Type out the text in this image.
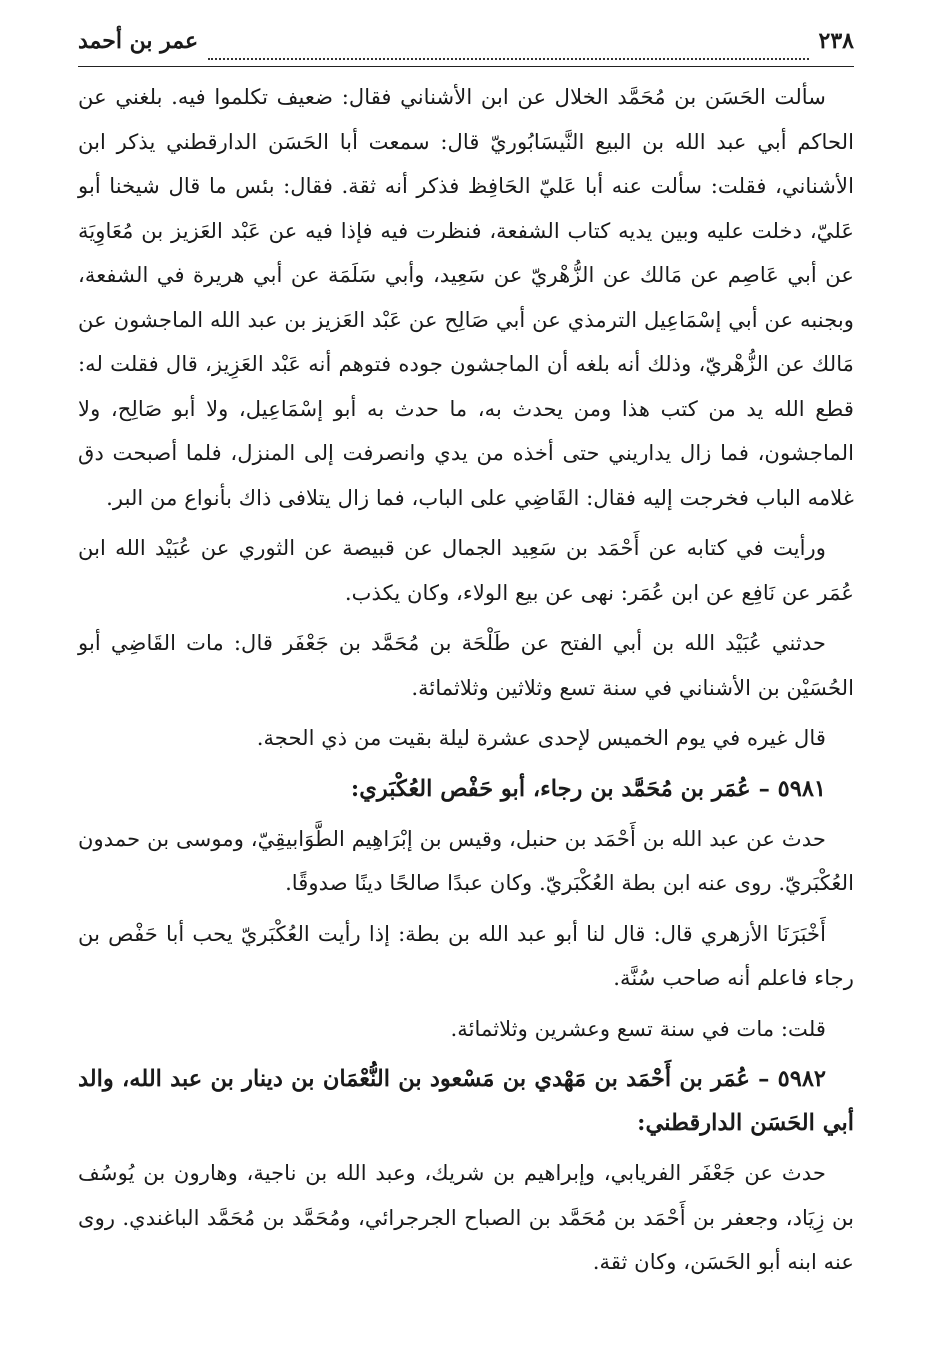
٢٣٨
عمر بن أحمد

سألت الحَسَن بن مُحَمَّد الخلال عن ابن الأشناني فقال: ضعيف تكلموا فيه. بلغني عن الحاكم أبي عبد الله بن البيع النَّيسَابُوريّ قال: سمعت أبا الحَسَن الدارقطني يذكر ابن الأشناني، فقلت: سألت عنه أبا عَليّ الحَافِظ فذكر أنه ثقة. فقال: بئس ما قال شيخنا أبو عَليّ، دخلت عليه وبين يديه كتاب الشفعة، فنظرت فيه فإذا فيه عن عَبْد العَزيز بن مُعَاوِيَة عن أبي عَاصِم عن مَالك عن الزُّهْريّ عن سَعِيد، وأبي سَلَمَة عن أبي هريرة في الشفعة، وبجنبه عن أبي إسْمَاعِيل الترمذي عن أبي صَالِح عن عَبْد العَزيز بن عبد الله الماجشون عن مَالك عن الزُّهْريّ، وذلك أنه بلغه أن الماجشون جوده فتوهم أنه عَبْد العَزِيز، قال فقلت له: قطع الله يد من كتب هذا ومن يحدث به، ما حدث به أبو إسْمَاعِيل، ولا أبو صَالِح، ولا الماجشون، فما زال يداريني حتى أخذه من يدي وانصرفت إلى المنزل، فلما أصبحت دق غلامه الباب فخرجت إليه فقال: القَاضِي على الباب، فما زال يتلافى ذاك بأنواع من البر.

ورأيت في كتابه عن أَحْمَد بن سَعِيد الجمال عن قبيصة عن الثوري عن عُبَيْد الله ابن عُمَر عن نَافِع عن ابن عُمَر: نهى عن بيع الولاء، وكان يكذب.

حدثني عُبَيْد الله بن أبي الفتح عن طَلْحَة بن مُحَمَّد بن جَعْفَر قال: مات القَاضِي أبو الحُسَيْن بن الأشناني في سنة تسع وثلاثين وثلاثمائة.

قال غيره في يوم الخميس لإحدى عشرة ليلة بقيت من ذي الحجة.

٥٩٨١ – عُمَر بن مُحَمَّد بن رجاء، أبو حَفْص العُكْبَري:

حدث عن عبد الله بن أَحْمَد بن حنبل، وقيس بن إبْرَاهِيم الطَّوَابيقِيّ، وموسى بن حمدون العُكْبَريّ. روى عنه ابن بطة العُكْبَريّ. وكان عبدًا صالحًا دينًا صدوقًا.

أَخْبَرَنَا الأزهري قال: قال لنا أبو عبد الله بن بطة: إذا رأيت العُكْبَريّ يحب أبا حَفْص بن رجاء فاعلم أنه صاحب سُنَّة.

قلت: مات في سنة تسع وعشرين وثلاثمائة.

٥٩٨٢ – عُمَر بن أَحْمَد بن مَهْدي بن مَسْعود بن النُّعْمَان بن دينار بن عبد الله، والد أبي الحَسَن الدارقطني:

حدث عن جَعْفَر الفريابي، وإبراهيم بن شريك، وعبد الله بن ناجية، وهارون بن يُوسُف بن زِيَاد، وجعفر بن أَحْمَد بن مُحَمَّد بن الصباح الجرجرائي، ومُحَمَّد بن مُحَمَّد الباغندي. روى عنه ابنه أبو الحَسَن، وكان ثقة.
